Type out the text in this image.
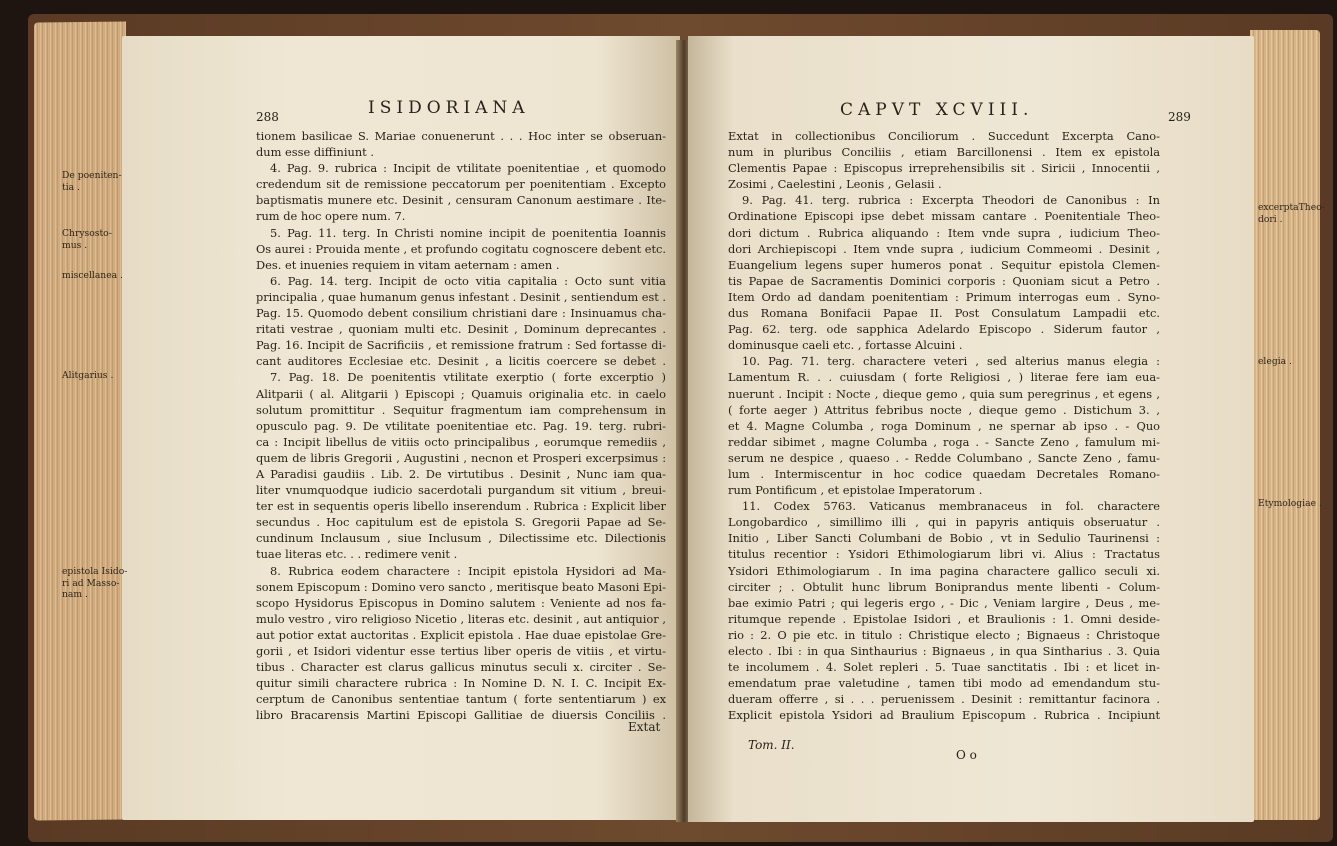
288	ISIDORIANA
tionem basilicae S. Mariae conuenerunt . . . Hoc inter se obseruan-
dum esse diffiniunt .
4. Pag. 9. rubrica : Incipit de vtilitate poenitentiae , et quomodo
credendum sit de remissione peccatorum per poenitentiam . Excepto
baptismatis munere etc. Desinit , censuram Canonum aestimare . Ite-
rum de hoc opere num. 7.
5. Pag. 11. terg. In Christi nomine incipit de poenitentia Ioannis
Os aurei : Prouida mente , et profundo cogitatu cognoscere debent etc.
Des. et inuenies requiem in vitam aeternam : amen .
6. Pag. 14. terg. Incipit de octo vitia capitalia : Octo sunt vitia
principalia , quae humanum genus infestant . Desinit , sentiendum est .
Pag. 15. Quomodo debent consilium christiani dare : Insinuamus cha-
ritati vestrae , quoniam multi etc. Desinit , Dominum deprecantes .
Pag. 16. Incipit de Sacrificiis , et remissione fratrum : Sed fortasse di-
cant auditores Ecclesiae etc. Desinit , a licitis coercere se debet .
7. Pag. 18. De poenitentis vtilitate exerptio ( forte excerptio )
Alitparii ( al. Alitgarii ) Episcopi ; Quamuis originalia etc. in caelo
solutum promittitur . Sequitur fragmentum iam comprehensum in
opusculo pag. 9. De vtilitate poenitentiae etc. Pag. 19. terg. rubri-
ca : Incipit libellus de vitiis octo principalibus , eorumque remediis ,
quem de libris Gregorii , Augustini , necnon et Prosperi excerpsimus :
A Paradisi gaudiis . Lib. 2. De virtutibus . Desinit , Nunc iam qua-
liter vnumquodque iudicio sacerdotali purgandum sit vitium , breui-
ter est in sequentis operis libello inserendum . Rubrica : Explicit liber
secundus . Hoc capitulum est de epistola S. Gregorii Papae ad Se-
cundinum Inclausum , siue Inclusum , Dilectissime etc. Dilectionis
tuae literas etc. . . redimere venit .
8. Rubrica eodem charactere : Incipit epistola Hysidori ad Ma-
sonem Episcopum : Domino vero sancto , meritisque beato Masoni Epi-
scopo Hysidorus Episcopus in Domino salutem : Veniente ad nos fa-
mulo vestro , viro religioso Nicetio , literas etc. desinit , aut antiquior ,
aut potior extat auctoritas . Explicit epistola . Hae duae epistolae Gre-
gorii , et Isidori videntur esse tertius liber operis de vitiis , et virtu-
tibus . Character est clarus gallicus minutus seculi x. circiter . Se-
quitur simili charactere rubrica : In Nomine D. N. I. C. Incipit Ex-
cerptum de Canonibus sententiae tantum ( forte sententiarum ) ex
libro Bracarensis Martini Episcopi Gallitiae de diuersis Conciliis .
Extat
De poeniten-
tia .
Chrysosto-
mus .
miscellanea .
Alitgarius .
epistola Isido-
ri ad Masso-
nam .
CAPVT XCVIII.	289
Extat in collectionibus Conciliorum . Succedunt Excerpta Cano-
num in pluribus Conciliis , etiam Barcillonensi . Item ex epistola
Clementis Papae : Episcopus irreprehensibilis sit . Siricii , Innocentii ,
Zosimi , Caelestini , Leonis , Gelasii .
9. Pag. 41. terg. rubrica : Excerpta Theodori de Canonibus : In
Ordinatione Episcopi ipse debet missam cantare . Poenitentiale Theo-
dori dictum . Rubrica aliquando : Item vnde supra , iudicium Theo-
dori Archiepiscopi . Item vnde supra , iudicium Commeomi . Desinit ,
Euangelium legens super humeros ponat . Sequitur epistola Clemen-
tis Papae de Sacramentis Dominici corporis : Quoniam sicut a Petro .
Item Ordo ad dandam poenitentiam : Primum interrogas eum . Syno-
dus Romana Bonifacii Papae II. Post Consulatum Lampadii etc.
Pag. 62. terg. ode sapphica Adelardo Episcopo . Siderum fautor ,
dominusque caeli etc. , fortasse Alcuini .
10. Pag. 71. terg. charactere veteri , sed alterius manus elegia :
Lamentum R. . . cuiusdam ( forte Religiosi , ) literae fere iam eua-
nuerunt . Incipit : Nocte , dieque gemo , quia sum peregrinus , et egens ,
( forte aeger ) Attritus febribus nocte , dieque gemo . Distichum 3. ,
et 4. Magne Columba , roga Dominum , ne spernar ab ipso . - Quo
reddar sibimet , magne Columba , roga . - Sancte Zeno , famulum mi-
serum ne despice , quaeso . - Redde Columbano , Sancte Zeno , famu-
lum . Intermiscentur in hoc codice quaedam Decretales Romano-
rum Pontificum , et epistolae Imperatorum .
11. Codex 5763. Vaticanus membranaceus in fol. charactere
Longobardico , simillimo illi , qui in papyris antiquis obseruatur .
Initio , Liber Sancti Columbani de Bobio , vt in Sedulio Taurinensi :
titulus recentior : Ysidori Ethimologiarum libri vi. Alius : Tractatus
Ysidori Ethimologiarum . In ima pagina charactere gallico seculi xi.
circiter ; . Obtulit hunc librum Boniprandus mente libenti - Colum-
bae eximio Patri ; qui legeris ergo , - Dic , Veniam largire , Deus , me-
ritumque repende . Epistolae Isidori , et Braulionis : 1. Omni deside-
rio : 2. O pie etc. in titulo : Christique electo ; Bignaeus : Christoque
electo . Ibi : in qua Sinthaurius : Bignaeus , in qua Sintharius . 3. Quia
te incolumem . 4. Solet repleri . 5. Tuae sanctitatis . Ibi : et licet in-
emendatum prae valetudine , tamen tibi modo ad emendandum stu-
dueram offerre , si . . . peruenissem . Desinit : remittantur facinora .
Explicit epistola Ysidori ad Braulium Episcopum . Rubrica . Incipiunt
Tom. II.
O o
excerptaTheo-
dori .
elegia .
Etymologiae .
